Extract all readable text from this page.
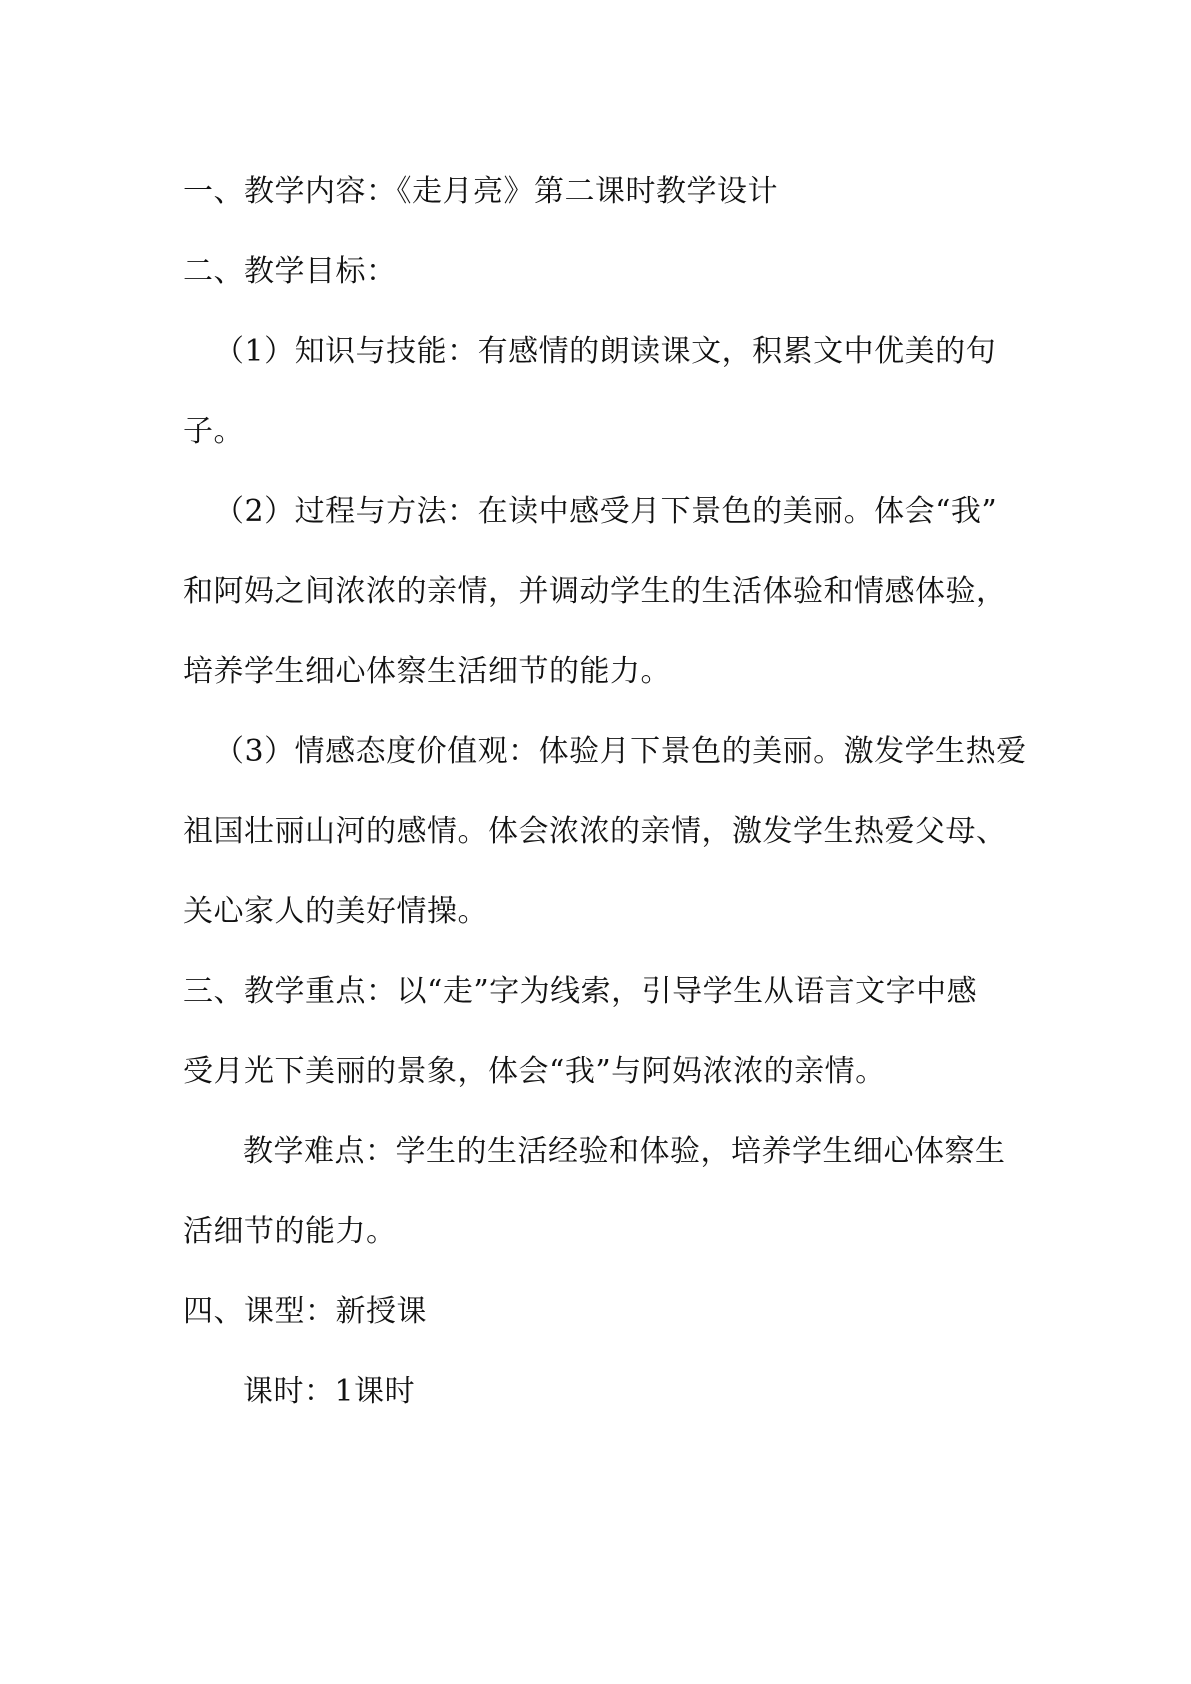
一、教学内容：《走月亮》第二课时教学设计
二、教学目标：
（1）知识与技能：有感情的朗读课文，积累文中优美的句
子。
（2）过程与方法：在读中感受月下景色的美丽。体会“我”
和阿妈之间浓浓的亲情，并调动学生的生活体验和情感体验，
培养学生细心体察生活细节的能力。
（3）情感态度价值观：体验月下景色的美丽。激发学生热爱
祖国壮丽山河的感情。体会浓浓的亲情，激发学生热爱父母、
关心家人的美好情操。
三、教学重点：以“走”字为线索，引导学生从语言文字中感
受月光下美丽的景象，体会“我”与阿妈浓浓的亲情。
教学难点：学生的生活经验和体验，培养学生细心体察生
活细节的能力。
四、课型：新授课
课时：1课时
